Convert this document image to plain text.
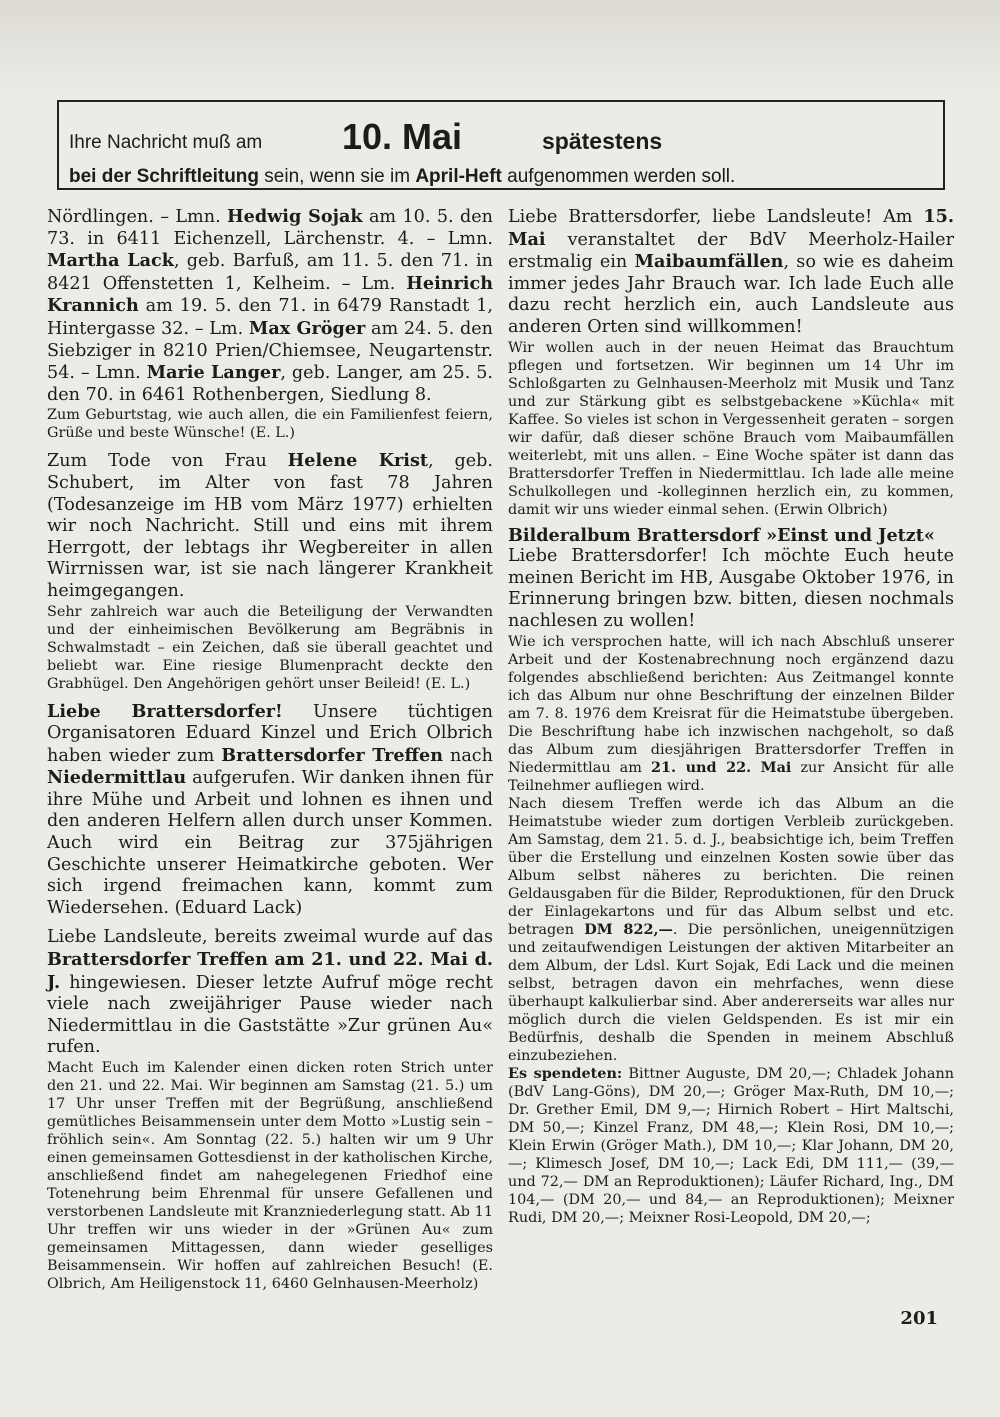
Ihre Nachricht muß am 10. Mai	spätestens
bei der Schriftleitung sein, wenn sie im April-Heft aufgenommen werden soll.

Nördlingen. – Lmn. Hedwig Sojak am 10. 5. den 73. in 6411 Eichenzell, Lärchenstr. 4. – Lmn. Martha Lack, geb. Barfuß, am 11. 5. den 71. in 8421 Offenstetten 1, Kelheim. – Lm. Heinrich Krannich am 19. 5. den 71. in 6479 Ranstadt 1, Hintergasse 32. – Lm. Max Gröger am 24. 5. den Siebziger in 8210 Prien/Chiemsee, Neugartenstr. 54. – Lmn. Marie Langer, geb. Langer, am 25. 5. den 70. in 6461 Rothenbergen, Siedlung 8.

Zum Geburtstag, wie auch allen, die ein Familienfest feiern, Grüße und beste Wünsche! (E. L.)

Zum Tode von Frau Helene Krist, geb. Schubert, im Alter von fast 78 Jahren (Todesanzeige im HB vom März 1977) erhielten wir noch Nachricht. Still und eins mit ihrem Herrgott, der lebtags ihr Wegbereiter in allen Wirrnissen war, ist sie nach längerer Krankheit heimgegangen.

Sehr zahlreich war auch die Beteiligung der Verwandten und der einheimischen Bevölkerung am Begräbnis in Schwalmstadt – ein Zeichen, daß sie überall geachtet und beliebt war. Eine riesige Blumenpracht deckte den Grabhügel. Den Angehörigen gehört unser Beileid! (E. L.)

Liebe Brattersdorfer! Unsere tüchtigen Organisatoren Eduard Kinzel und Erich Olbrich haben wieder zum Brattersdorfer Treffen nach Niedermittlau aufgerufen. Wir danken ihnen für ihre Mühe und Arbeit und lohnen es ihnen und den anderen Helfern allen durch unser Kommen. Auch wird ein Beitrag zur 375jährigen Geschichte unserer Heimatkirche geboten. Wer sich irgend freimachen kann, kommt zum Wiedersehen. (Eduard Lack)

Liebe Landsleute, bereits zweimal wurde auf das Brattersdorfer Treffen am 21. und 22. Mai d. J. hingewiesen. Dieser letzte Aufruf möge recht viele nach zweijähriger Pause wieder nach Niedermittlau in die Gaststätte »Zur grünen Au« rufen.

Macht Euch im Kalender einen dicken roten Strich unter den 21. und 22. Mai. Wir beginnen am Samstag (21. 5.) um 17 Uhr unser Treffen mit der Begrüßung, anschließend gemütliches Beisammensein unter dem Motto »Lustig sein – fröhlich sein«. Am Sonntag (22. 5.) halten wir um 9 Uhr einen gemeinsamen Gottesdienst in der katholischen Kirche, anschließend findet am nahegelegenen Friedhof eine Totenehrung beim Ehrenmal für unsere Gefallenen und verstorbenen Landsleute mit Kranzniederlegung statt. Ab 11 Uhr treffen wir uns wieder in der »Grünen Au« zum gemeinsamen Mittagessen, dann wieder geselliges Beisammensein. Wir hoffen auf zahlreichen Besuch! (E. Olbrich, Am Heiligenstock 11, 6460 Gelnhausen-Meerholz)

Liebe Brattersdorfer, liebe Landsleute! Am 15. Mai veranstaltet der BdV Meerholz-Hailer erstmalig ein Maibaumfällen, so wie es daheim immer jedes Jahr Brauch war. Ich lade Euch alle dazu recht herzlich ein, auch Landsleute aus anderen Orten sind willkommen!

Wir wollen auch in der neuen Heimat das Brauchtum pflegen und fortsetzen. Wir beginnen um 14 Uhr im Schloßgarten zu Gelnhausen-Meerholz mit Musik und Tanz und zur Stärkung gibt es selbstgebackene »Küchla« mit Kaffee. So vieles ist schon in Vergessenheit geraten – sorgen wir dafür, daß dieser schöne Brauch vom Maibaumfällen weiterlebt, mit uns allen. – Eine Woche später ist dann das Brattersdorfer Treffen in Niedermittlau. Ich lade alle meine Schulkollegen und -kolleginnen herzlich ein, zu kommen, damit wir uns wieder einmal sehen. (Erwin Olbrich)

Bilderalbum Brattersdorf »Einst und Jetzt«

Liebe Brattersdorfer! Ich möchte Euch heute meinen Bericht im HB, Ausgabe Oktober 1976, in Erinnerung bringen bzw. bitten, diesen nochmals nachlesen zu wollen!

Wie ich versprochen hatte, will ich nach Abschluß unserer Arbeit und der Kostenabrechnung noch ergänzend dazu folgendes abschließend berichten: Aus Zeitmangel konnte ich das Album nur ohne Beschriftung der einzelnen Bilder am 7. 8. 1976 dem Kreisrat für die Heimatstube übergeben. Die Beschriftung habe ich inzwischen nachgeholt, so daß das Album zum diesjährigen Brattersdorfer Treffen in Niedermittlau am 21. und 22. Mai zur Ansicht für alle Teilnehmer aufliegen wird.

Nach diesem Treffen werde ich das Album an die Heimatstube wieder zum dortigen Verbleib zurückgeben. Am Samstag, dem 21. 5. d. J., beabsichtige ich, beim Treffen über die Erstellung und einzelnen Kosten sowie über das Album selbst näheres zu berichten. Die reinen Geldausgaben für die Bilder, Reproduktionen, für den Druck der Einlagekartons und für das Album selbst und etc. betragen DM 822,—. Die persönlichen, uneigennützigen und zeitaufwendigen Leistungen der aktiven Mitarbeiter an dem Album, der Ldsl. Kurt Sojak, Edi Lack und die meinen selbst, betragen davon ein mehrfaches, wenn diese überhaupt kalkulierbar sind. Aber andererseits war alles nur möglich durch die vielen Geldspenden. Es ist mir ein Bedürfnis, deshalb die Spenden in meinem Abschluß einzubeziehen.

Es spendeten: Bittner Auguste, DM 20,—; Chladek Johann (BdV Lang-Göns), DM 20,—; Gröger Max-Ruth, DM 10,—; Dr. Grether Emil, DM 9,—; Hirnich Robert – Hirt Maltschi, DM 50,—; Kinzel Franz, DM 48,—; Klein Rosi, DM 10,—; Klein Erwin (Gröger Math.), DM 10,—; Klar Johann, DM 20,—; Klimesch Josef, DM 10,—; Lack Edi, DM 111,— (39,— und 72,— DM an Reproduktionen); Läufer Richard, Ing., DM 104,— (DM 20,— und 84,— an Reproduktionen); Meixner Rudi, DM 20,—; Meixner Rosi-Leopold, DM 20,—;

201
